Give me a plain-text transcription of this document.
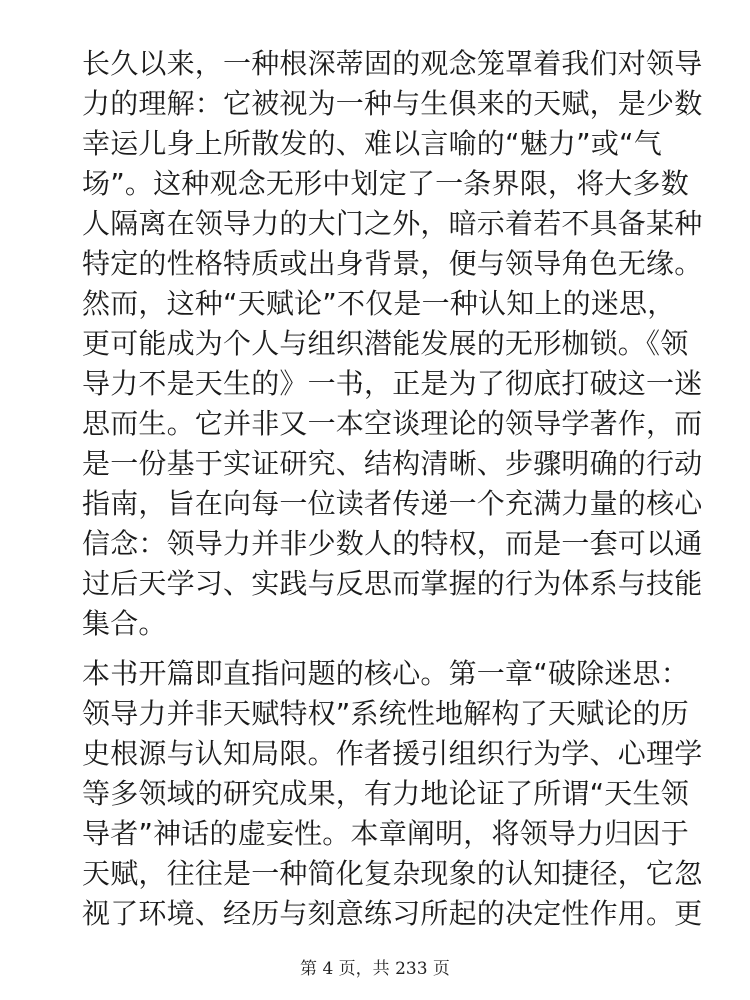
长久以来，一种根深蒂固的观念笼罩着我们对领导
力的理解：它被视为一种与生俱来的天赋，是少数
幸运儿身上所散发的、难以言喻的“魅力”或“气
场”。这种观念无形中划定了一条界限，将大多数
人隔离在领导力的大门之外，暗示着若不具备某种
特定的性格特质或出身背景，便与领导角色无缘。
然而，这种“天赋论”不仅是一种认知上的迷思，
更可能成为个人与组织潜能发展的无形枷锁。《领
导力不是天生的》一书，正是为了彻底打破这一迷
思而生。它并非又一本空谈理论的领导学著作，而
是一份基于实证研究、结构清晰、步骤明确的行动
指南，旨在向每一位读者传递一个充满力量的核心
信念：领导力并非少数人的特权，而是一套可以通
过后天学习、实践与反思而掌握的行为体系与技能
集合。
本书开篇即直指问题的核心。第一章“破除迷思：
领导力并非天赋特权”系统性地解构了天赋论的历
史根源与认知局限。作者援引组织行为学、心理学
等多领域的研究成果，有力地论证了所谓“天生领
导者”神话的虚妄性。本章阐明，将领导力归因于
天赋，往往是一种简化复杂现象的认知捷径，它忽
视了环境、经历与刻意练习所起的决定性作用。更
第 4 页，共 233 页
